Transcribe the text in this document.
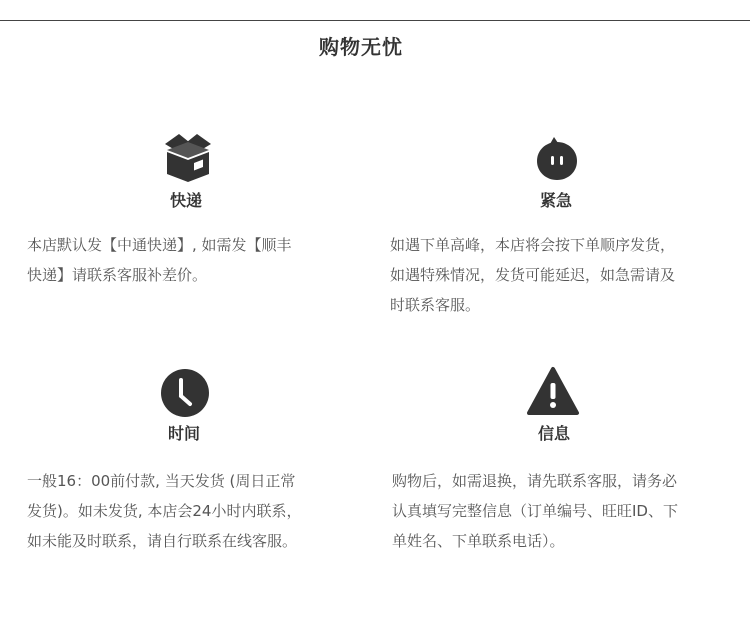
购物无忧
快递
本店默认发【中通快递】, 如需发【顺丰
快递】请联系客服补差价。
紧急
如遇下单高峰，本店将会按下单顺序发货，
如遇特殊情况，发货可能延迟，如急需请及
时联系客服。
时间
一般16：00前付款, 当天发货 (周日正常
发货)。如未发货, 本店会24小时内联系，
如未能及时联系，请自行联系在线客服。
信息
购物后，如需退换，请先联系客服，请务必
认真填写完整信息（订单编号、旺旺ID、下
单姓名、下单联系电话）。
